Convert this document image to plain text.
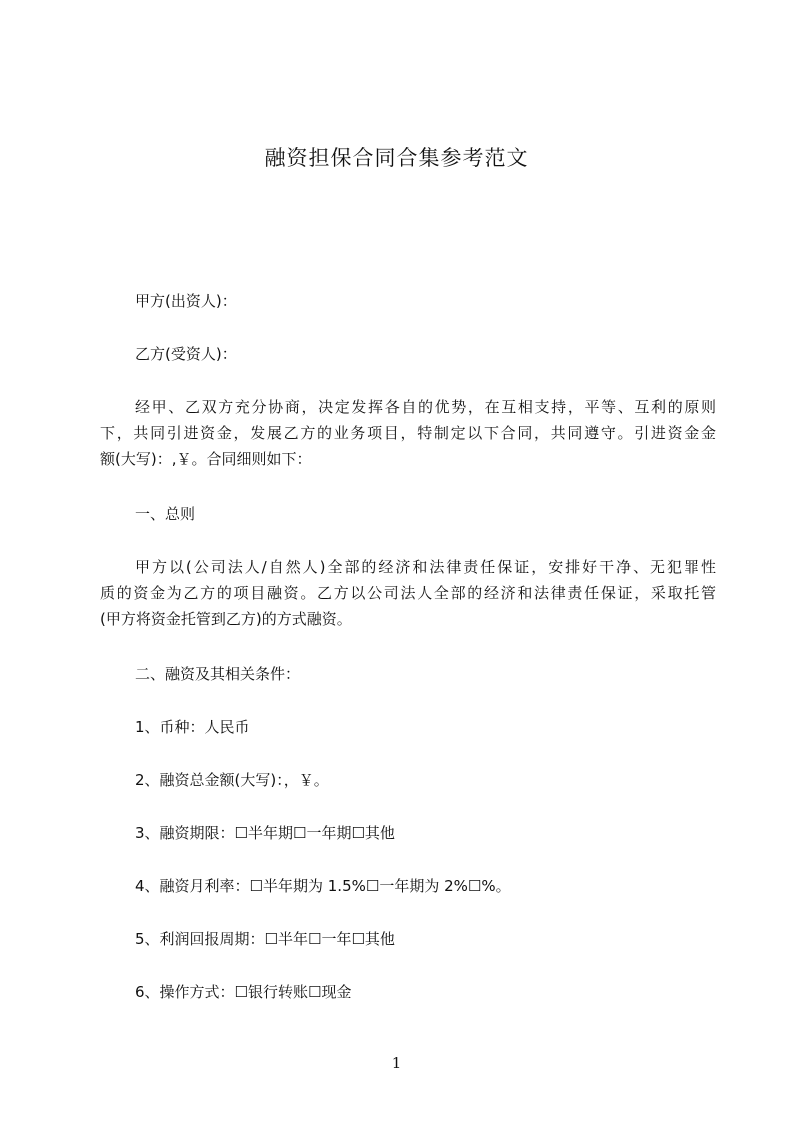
融资担保合同合集参考范文

甲方(出资人)：

乙方(受资人)：

经甲、乙双方充分协商，决定发挥各自的优势，在互相支持，平等、互利的原则
下，共同引进资金，发展乙方的业务项目，特制定以下合同，共同遵守。引进资金金
额(大写)：,￥。合同细则如下：

一、总则

甲方以(公司法人/自然人)全部的经济和法律责任保证，安排好干净、无犯罪性
质的资金为乙方的项目融资。乙方以公司法人全部的经济和法律责任保证，采取托管
(甲方将资金托管到乙方)的方式融资。

二、融资及其相关条件：

1、币种：人民币

2、融资总金额(大写)：，￥。

3、融资期限：☐半年期☐一年期☐其他

4、融资月利率：☐半年期为 1.5%☐一年期为 2%☐%。

5、利润回报周期：☐半年☐一年☐其他

6、操作方式：☐银行转账☐现金

1
